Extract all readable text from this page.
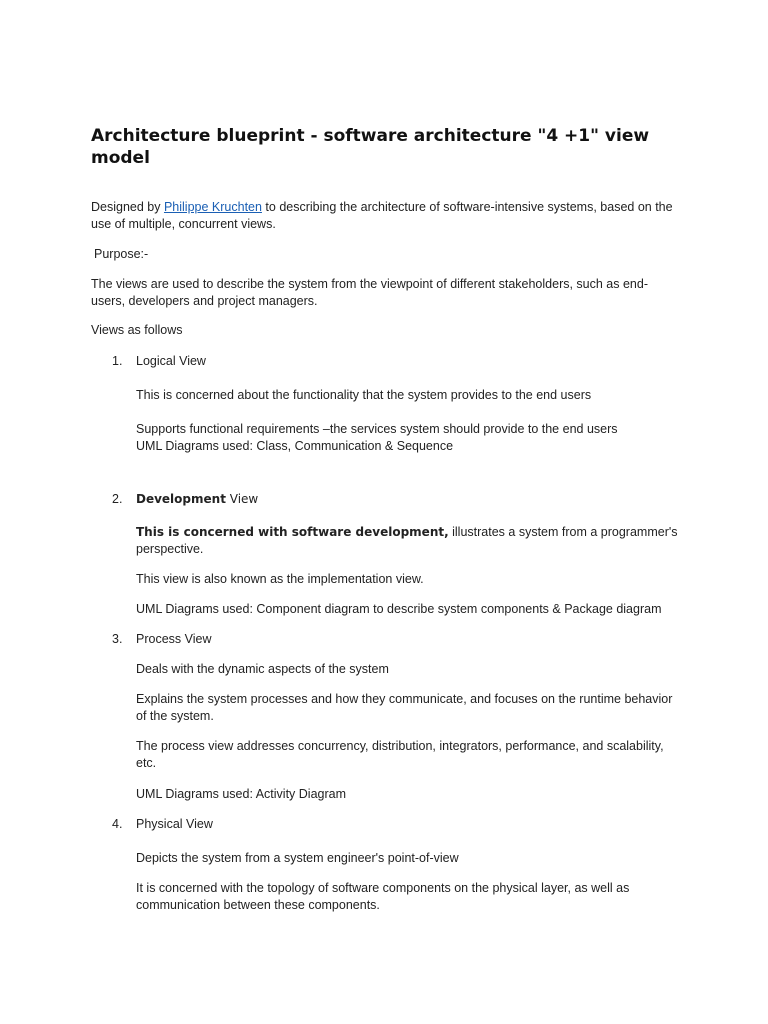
Architecture blueprint - software architecture "4 +1" view model

Designed by Philippe Kruchten to describing the architecture of software-intensive systems, based on the

use of multiple, concurrent views.

Purpose:-

The views are used to describe the system from the viewpoint of different stakeholders, such as end-

users, developers and project managers.

Views as follows

1. Logical View

This is concerned about the functionality that the system provides to the end users

Supports functional requirements –the services system should provide to the end users

UML Diagrams used: Class, Communication & Sequence

2. Development View

This is concerned with software development, illustrates a system from a programmer's

perspective.

This view is also known as the implementation view.

UML Diagrams used: Component diagram to describe system components & Package diagram

3. Process View

Deals with the dynamic aspects of the system

Explains the system processes and how they communicate, and focuses on the runtime behavior

of the system.

The process view addresses concurrency, distribution, integrators, performance, and scalability,

etc.

UML Diagrams used: Activity Diagram

4. Physical View

Depicts the system from a system engineer's point-of-view

It is concerned with the topology of software components on the physical layer, as well as

communication between these components.
